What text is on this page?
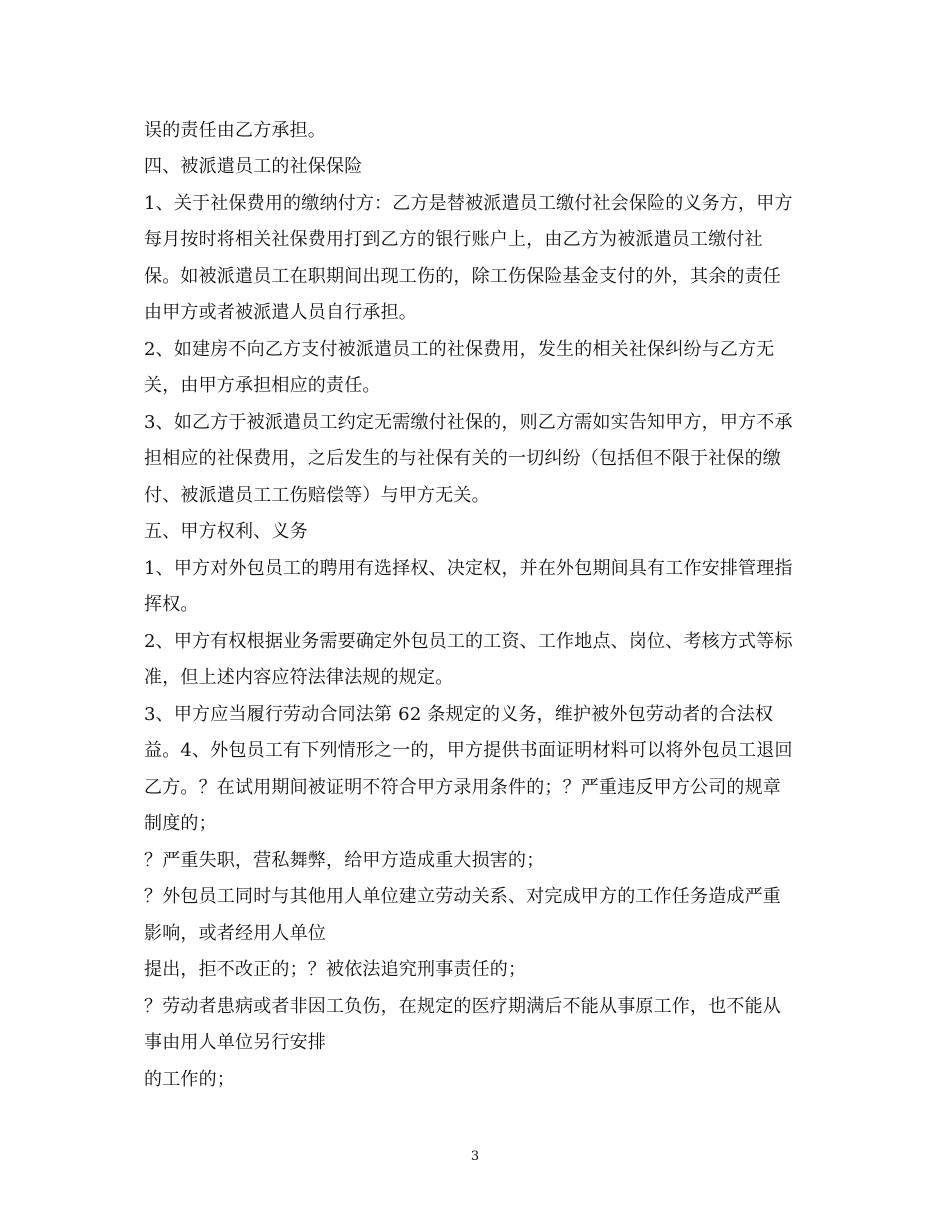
误的责任由乙方承担。
四、被派遣员工的社保保险
1、关于社保费用的缴纳付方：乙方是替被派遣员工缴付社会保险的义务方，甲方
每月按时将相关社保费用打到乙方的银行账户上，由乙方为被派遣员工缴付社
保。如被派遣员工在职期间出现工伤的，除工伤保险基金支付的外，其余的责任
由甲方或者被派遣人员自行承担。
2、如建房不向乙方支付被派遣员工的社保费用，发生的相关社保纠纷与乙方无
关，由甲方承担相应的责任。
3、如乙方于被派遣员工约定无需缴付社保的，则乙方需如实告知甲方，甲方不承
担相应的社保费用，之后发生的与社保有关的一切纠纷（包括但不限于社保的缴
付、被派遣员工工伤赔偿等）与甲方无关。
五、甲方权利、义务
1、甲方对外包员工的聘用有选择权、决定权，并在外包期间具有工作安排管理指
挥权。
2、甲方有权根据业务需要确定外包员工的工资、工作地点、岗位、考核方式等标
准，但上述内容应符法律法规的规定。
3、甲方应当履行劳动合同法第 62 条规定的义务，维护被外包劳动者的合法权
益。4、外包员工有下列情形之一的，甲方提供书面证明材料可以将外包员工退回
乙方。？在试用期间被证明不符合甲方录用条件的；？严重违反甲方公司的规章
制度的；
？严重失职，营私舞弊，给甲方造成重大损害的；
？外包员工同时与其他用人单位建立劳动关系、对完成甲方的工作任务造成严重
影响，或者经用人单位
提出，拒不改正的；？被依法追究刑事责任的；
？劳动者患病或者非因工负伤，在规定的医疗期满后不能从事原工作，也不能从
事由用人单位另行安排
的工作的；
3
